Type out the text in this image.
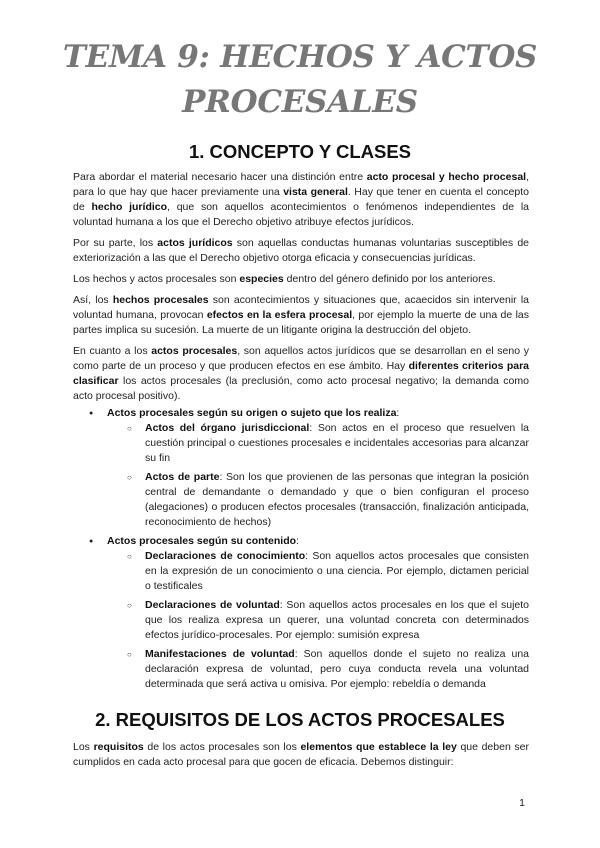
TEMA 9: HECHOS Y ACTOS
PROCESALES
1. CONCEPTO Y CLASES

Para abordar el material necesario hacer una distinción entre acto procesal y hecho procesal, para lo que hay que hacer previamente una vista general. Hay que tener en cuenta el concepto de hecho jurídico, que son aquellos acontecimientos o fenómenos independientes de la voluntad humana a los que el Derecho objetivo atribuye efectos jurídicos.

Por su parte, los actos jurídicos son aquellas conductas humanas voluntarias susceptibles de exteriorización a las que el Derecho objetivo otorga eficacia y consecuencias jurídicas.

Los hechos y actos procesales son especies dentro del género definido por los anteriores.

Así, los hechos procesales son acontecimientos y situaciones que, acaecidos sin intervenir la voluntad humana, provocan efectos en la esfera procesal, por ejemplo la muerte de una de las partes implica su sucesión. La muerte de un litigante origina la destrucción del objeto.

En cuanto a los actos procesales, son aquellos actos jurídicos que se desarrollan en el seno y como parte de un proceso y que producen efectos en ese ámbito. Hay diferentes criterios para clasificar los actos procesales (la preclusión, como acto procesal negativo; la demanda como acto procesal positivo).

● Actos procesales según su origen o sujeto que los realiza:
○ Actos del órgano jurisdiccional: Son actos en el proceso que resuelven la cuestión principal o cuestiones procesales e incidentales accesorias para alcanzar su fin
○ Actos de parte: Son los que provienen de las personas que integran la posición central de demandante o demandado y que o bien configuran el proceso (alegaciones) o producen efectos procesales (transacción, finalización anticipada, reconocimiento de hechos)
● Actos procesales según su contenido:
○ Declaraciones de conocimiento: Son aquellos actos procesales que consisten en la expresión de un conocimiento o una ciencia. Por ejemplo, dictamen pericial o testificales
○ Declaraciones de voluntad: Son aquellos actos procesales en los que el sujeto que los realiza expresa un querer, una voluntad concreta con determinados efectos jurídico-procesales. Por ejemplo: sumisión expresa
○ Manifestaciones de voluntad: Son aquellos donde el sujeto no realiza una declaración expresa de voluntad, pero cuya conducta revela una voluntad determinada que será activa u omisiva. Por ejemplo: rebeldía o demanda
2. REQUISITOS DE LOS ACTOS PROCESALES

Los requisitos de los actos procesales son los elementos que establece la ley que deben ser cumplidos en cada acto procesal para que gocen de eficacia. Debemos distinguir:

1
